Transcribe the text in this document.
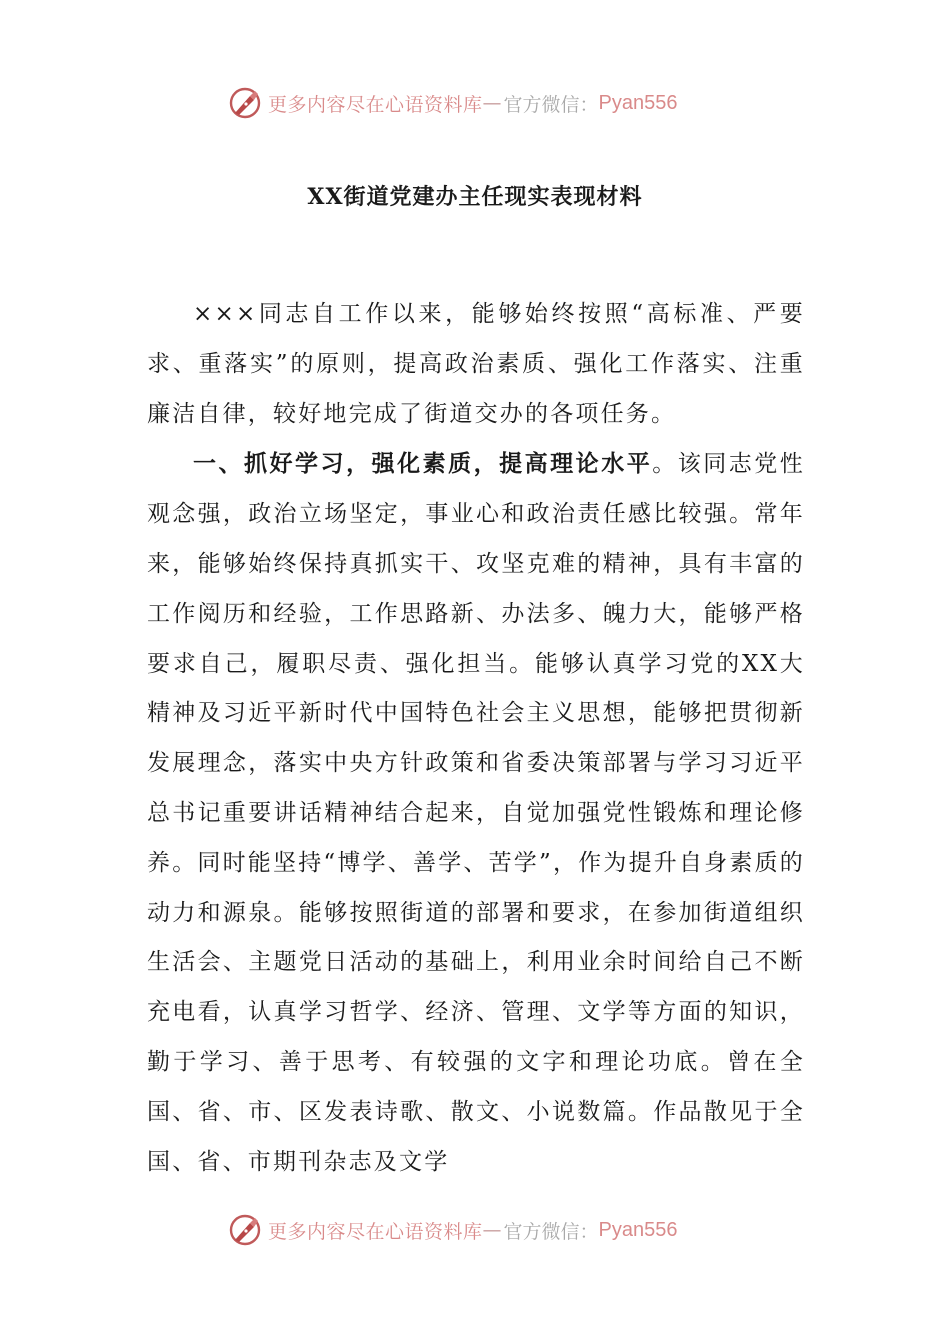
更多内容尽在心语资料库 — 官方微信： Pyan556
XX街道党建办主任现实表现材料

×××同志自工作以来，能够始终按照“高标准、严要求、重落实”的原则，提高政治素质、强化工作落实、注重廉洁自律，较好地完成了街道交办的各项任务。

一、抓好学习，强化素质，提高理论水平。该同志党性观念强，政治立场坚定，事业心和政治责任感比较强。常年来，能够始终保持真抓实干、攻坚克难的精神，具有丰富的工作阅历和经验，工作思路新、办法多、魄力大，能够严格要求自己，履职尽责、强化担当。能够认真学习党的XX大精神及习近平新时代中国特色社会主义思想，能够把贯彻新发展理念，落实中央方针政策和省委决策部署与学习习近平总书记重要讲话精神结合起来，自觉加强党性锻炼和理论修养。同时能坚持“博学、善学、苦学”，作为提升自身素质的动力和源泉。能够按照街道的部署和要求，在参加街道组织生活会、主题党日活动的基础上，利用业余时间给自己不断充电看，认真学习哲学、经济、管理、文学等方面的知识，勤于学习、善于思考、有较强的文字和理论功底。曾在全国、省、市、区发表诗歌、散文、小说数篇。作品散见于全国、省、市期刊杂志及文学

更多内容尽在心语资料库 — 官方微信： Pyan556
